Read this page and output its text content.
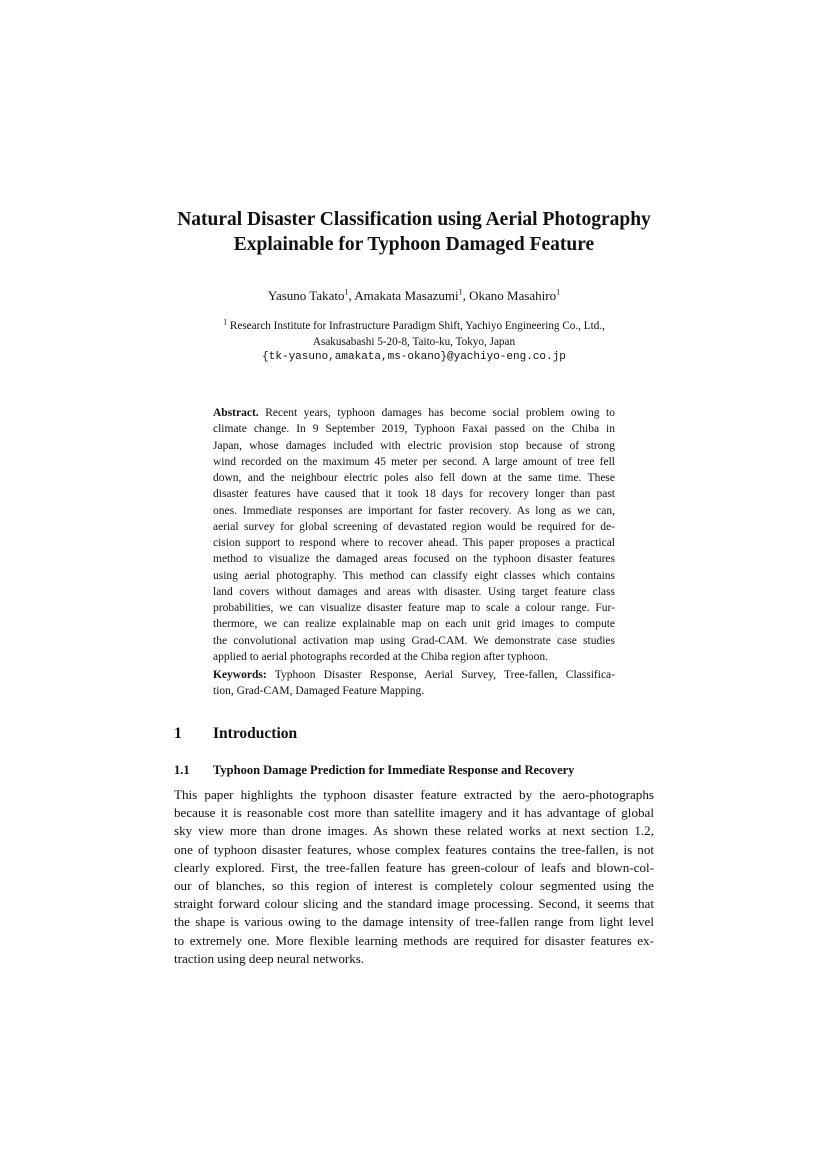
Natural Disaster Classification using Aerial Photography
Explainable for Typhoon Damaged Feature
Yasuno Takato$^1$, Amakata Masazumi$^1$, Okano Masahiro$^1$
$^1$ Research Institute for Infrastructure Paradigm Shift, Yachiyo Engineering Co., Ltd.,
Asakusabashi 5-20-8, Taito-ku, Tokyo, Japan
{tk-yasuno,amakata,ms-okano}@yachiyo-eng.co.jp
Abstract. Recent years, typhoon damages has become social problem owing to
climate change. In 9 September 2019, Typhoon Faxai passed on the Chiba in
Japan, whose damages included with electric provision stop because of strong
wind recorded on the maximum 45 meter per second. A large amount of tree fell
down, and the neighbour electric poles also fell down at the same time. These
disaster features have caused that it took 18 days for recovery longer than past
ones. Immediate responses are important for faster recovery. As long as we can,
aerial survey for global screening of devastated region would be required for de-
cision support to respond where to recover ahead. This paper proposes a practical
method to visualize the damaged areas focused on the typhoon disaster features
using aerial photography. This method can classify eight classes which contains
land covers without damages and areas with disaster. Using target feature class
probabilities, we can visualize disaster feature map to scale a colour range. Fur-
thermore, we can realize explainable map on each unit grid images to compute
the convolutional activation map using Grad-CAM. We demonstrate case studies
applied to aerial photographs recorded at the Chiba region after typhoon.
Keywords: Typhoon Disaster Response, Aerial Survey, Tree-fallen, Classifica-
tion, Grad-CAM, Damaged Feature Mapping.
1 Introduction
1.1 Typhoon Damage Prediction for Immediate Response and Recovery
This paper highlights the typhoon disaster feature extracted by the aero-photographs
because it is reasonable cost more than satellite imagery and it has advantage of global
sky view more than drone images. As shown these related works at next section 1.2,
one of typhoon disaster features, whose complex features contains the tree-fallen, is not
clearly explored. First, the tree-fallen feature has green-colour of leafs and blown-col-
our of blanches, so this region of interest is completely colour segmented using the
straight forward colour slicing and the standard image processing. Second, it seems that
the shape is various owing to the damage intensity of tree-fallen range from light level
to extremely one. More flexible learning methods are required for disaster features ex-
traction using deep neural networks.
